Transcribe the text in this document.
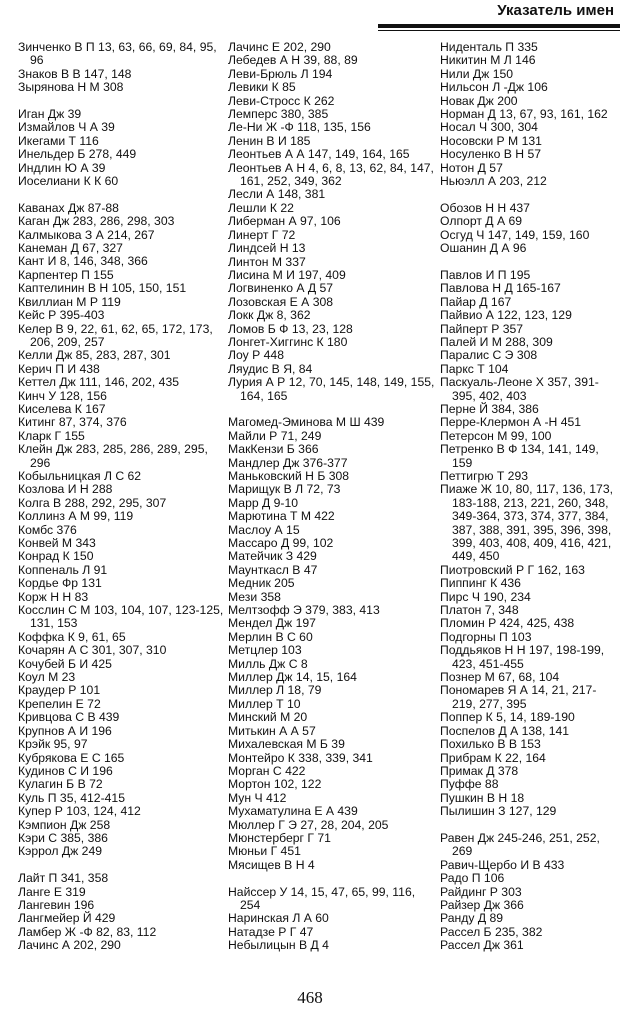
Указатель имен
Зинченко В П 13, 63, 66, 69, 84, 95, 96
Знаков В В 147, 148
Зырянова Н М 308
Иган Дж 39
Измайлов Ч А 39
Икегами Т 116
Инельдер Б 278, 449
Индлин Ю А 39
Иоселиани К К 60
Каванах Дж 87-88
Каган Дж 283, 286, 298, 303
Калмыкова З А 214, 267
Канеман Д 67, 327
Кант И 8, 146, 348, 366
Карпентер П 155
Каптелинин В Н 105, 150, 151
Квиллиан М Р 119
Кейс Р 395-403
Келер В 9, 22, 61, 62, 65, 172, 173, 206, 209, 257
Келли Дж 85, 283, 287, 301
Керич П И 438
Кеттел Дж 111, 146, 202, 435
Кинч У 128, 156
Киселева К 167
Китинг 87, 374, 376
Кларк Г 155
Клейн Дж 283, 285, 286, 289, 295, 296
Кобыльницкая Л С 62
Козлова И Н 288
Колга В 288, 292, 295, 307
Коллинз А М 99, 119
Комбс 376
Конвей М 343
Конрад К 150
Коппеналь Л 91
Кордье Фр 131
Корж Н Н 83
Косслин С М 103, 104, 107, 123-125, 131, 153
Коффка К 9, 61, 65
Кочарян А С 301, 307, 310
Кочубей Б И 425
Коул М 23
Краудер Р 101
Крепелин Е 72
Кривцова С В 439
Крупнов А И 196
Крэйк 95, 97
Кубрякова Е С 165
Кудинов С И 196
Кулагин Б В 72
Куль П 35, 412-415
Купер Р 103, 124, 412
Кэмпион Дж 258
Кэри С 385, 386
Кэррол Дж 249
Лайт П 341, 358
Ланге Е 319
Лангевин 196
Лангмейер Й 429
Ламбер Ж -Ф 82, 83, 112
Лачинс А 202, 290
Лачинс Е 202, 290
Лебедев А Н 39, 88, 89
Леви-Брюль Л 194
Левики К 85
Леви-Стросс К 262
Лемперс 380, 385
Ле-Ни Ж -Ф 118, 135, 156
Ленин В И 185
Леонтьев А А 147, 149, 164, 165
Леонтьев А Н 4, 6, 8, 13, 62, 84, 147, 161, 252, 349, 362
Лесли А 148, 381
Лешли К 22
Либерман А 97, 106
Линерт Г 72
Линдсей Н 13
Линтон М 337
Лисина М И 197, 409
Логвиненко А Д 57
Лозовская Е А 308
Локк Дж 8, 362
Ломов Б Ф 13, 23, 128
Лонгет-Хиггинс К 180
Лоу Р 448
Ляудис В Я, 84
Лурия А Р 12, 70, 145, 148, 149, 155, 164, 165
Магомед-Эминова М Ш 439
Майли Р 71, 249
МакКензи Б 366
Мандлер Дж 376-377
Маньковский Н Б 308
Марищук В Л 72, 73
Марр Д 9-10
Марютина Т М 422
Маслоу А 15
Массаро Д 99, 102
Матейчик З 429
Маунткасл В 47
Медник 205
Мези 358
Мелтзофф Э 379, 383, 413
Мендел Дж 197
Мерлин В С 60
Метцлер 103
Милль Дж С 8
Миллер Дж 14, 15, 164
Миллер Л 18, 79
Миллер Т 10
Минский М 20
Митькин А А 57
Михалевская М Б 39
Монтейро К 338, 339, 341
Морган С 422
Мортон 102, 122
Мун Ч 412
Мухаматулина Е А 439
Мюллер Г Э 27, 28, 204, 205
Мюнстерберг Г 71
Мюньи Г 451
Мясищев В Н 4
Найссер У 14, 15, 47, 65, 99, 116, 254
Наринская Л А 60
Натадзе Р Г 47
Небылицын В Д 4
Ниденталь П 335
Никитин М Л 146
Нили Дж 150
Нильсон Л -Дж 106
Новак Дж 200
Норман Д 13, 67, 93, 161, 162
Носал Ч 300, 304
Носовски Р М 131
Носуленко В Н 57
Нотон Д 57
Ньюэлл А 203, 212
Обозов Н Н 437
Олпорт Д А 69
Осгуд Ч 147, 149, 159, 160
Ошанин Д А 96
Павлов И П 195
Павлова Н Д 165-167
Пайар Д 167
Пайвио А 122, 123, 129
Пайперт Р 357
Палей И М 288, 309
Паралис С Э 308
Паркс Т 104
Паскуаль-Леоне Х 357, 391-395, 402, 403
Перне Й 384, 386
Перре-Клермон А -Н 451
Петерсон М 99, 100
Петренко В Ф 134, 141, 149, 159
Петтигрю Т 293
Пиаже Ж 10, 80, 117, 136, 173, 183-188, 213, 221, 260, 348, 349-364, 373, 374, 377, 384, 387, 388, 391, 395, 396, 398, 399, 403, 408, 409, 416, 421, 449, 450
Пиотровский Р Г 162, 163
Пиппинг К 436
Пирс Ч 190, 234
Платон 7, 348
Пломин Р 424, 425, 438
Подгорны П 103
Поддьяков Н Н 197, 198-199, 423, 451-455
Познер М 67, 68, 104
Пономарев Я А 14, 21, 217-219, 277, 395
Поппер К 5, 14, 189-190
Поспелов Д А 138, 141
Похилько В В 153
Прибрам К 22, 164
Примак Д 378
Пуффе 88
Пушкин В Н 18
Пылишин З 127, 129
Равен Дж 245-246, 251, 252, 269
Равич-Щербо И В 433
Радо П 106
Райдинг Р 303
Райзер Дж 366
Ранду Д 89
Рассел Б 235, 382
Рассел Дж 361
468
